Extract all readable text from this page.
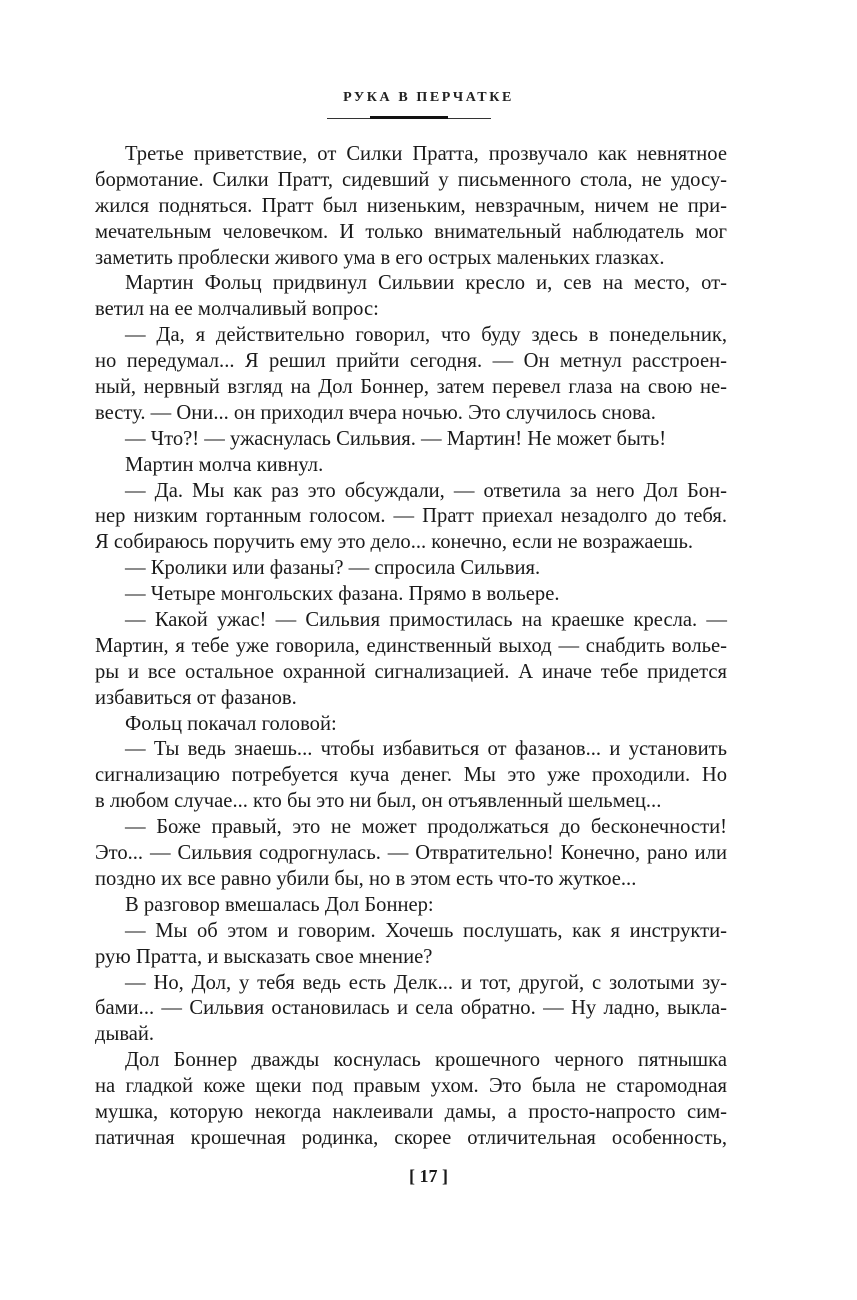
РУКА В ПЕРЧАТКЕ
Третье приветствие, от Силки Пратта, прозвучало как невнятное
бормотание. Силки Пратт, сидевший у письменного стола, не удосу-
жился подняться. Пратт был низеньким, невзрачным, ничем не при-
мечательным человечком. И только внимательный наблюдатель мог
заметить проблески живого ума в его острых маленьких глазках.
Мартин Фольц придвинул Сильвии кресло и, сев на место, от-
ветил на ее молчаливый вопрос:
— Да, я действительно говорил, что буду здесь в понедельник,
но передумал... Я решил прийти сегодня. — Он метнул расстроен-
ный, нервный взгляд на Дол Боннер, затем перевел глаза на свою не-
весту. — Они... он приходил вчера ночью. Это случилось снова.
— Что?! — ужаснулась Сильвия. — Мартин! Не может быть!
Мартин молча кивнул.
— Да. Мы как раз это обсуждали, — ответила за него Дол Бон-
нер низким гортанным голосом. — Пратт приехал незадолго до тебя.
Я собираюсь поручить ему это дело... конечно, если не возражаешь.
— Кролики или фазаны? — спросила Сильвия.
— Четыре монгольских фазана. Прямо в вольере.
— Какой ужас! — Сильвия примостилась на краешке кресла. —
Мартин, я тебе уже говорила, единственный выход — снабдить волье-
ры и все остальное охранной сигнализацией. А иначе тебе придется
избавиться от фазанов.
Фольц покачал головой:
— Ты ведь знаешь... чтобы избавиться от фазанов... и установить
сигнализацию потребуется куча денег. Мы это уже проходили. Но
в любом случае... кто бы это ни был, он отъявленный шельмец...
— Боже правый, это не может продолжаться до бесконечности!
Это... — Сильвия содрогнулась. — Отвратительно! Конечно, рано или
поздно их все равно убили бы, но в этом есть что-то жуткое...
В разговор вмешалась Дол Боннер:
— Мы об этом и говорим. Хочешь послушать, как я инструкти-
рую Пратта, и высказать свое мнение?
— Но, Дол, у тебя ведь есть Делк... и тот, другой, с золотыми зу-
бами... — Сильвия остановилась и села обратно. — Ну ладно, выкла-
дывай.
Дол Боннер дважды коснулась крошечного черного пятнышка
на гладкой коже щеки под правым ухом. Это была не старомодная
мушка, которую некогда наклеивали дамы, а просто-напросто сим-
патичная крошечная родинка, скорее отличительная особенность,
[ 17 ]
